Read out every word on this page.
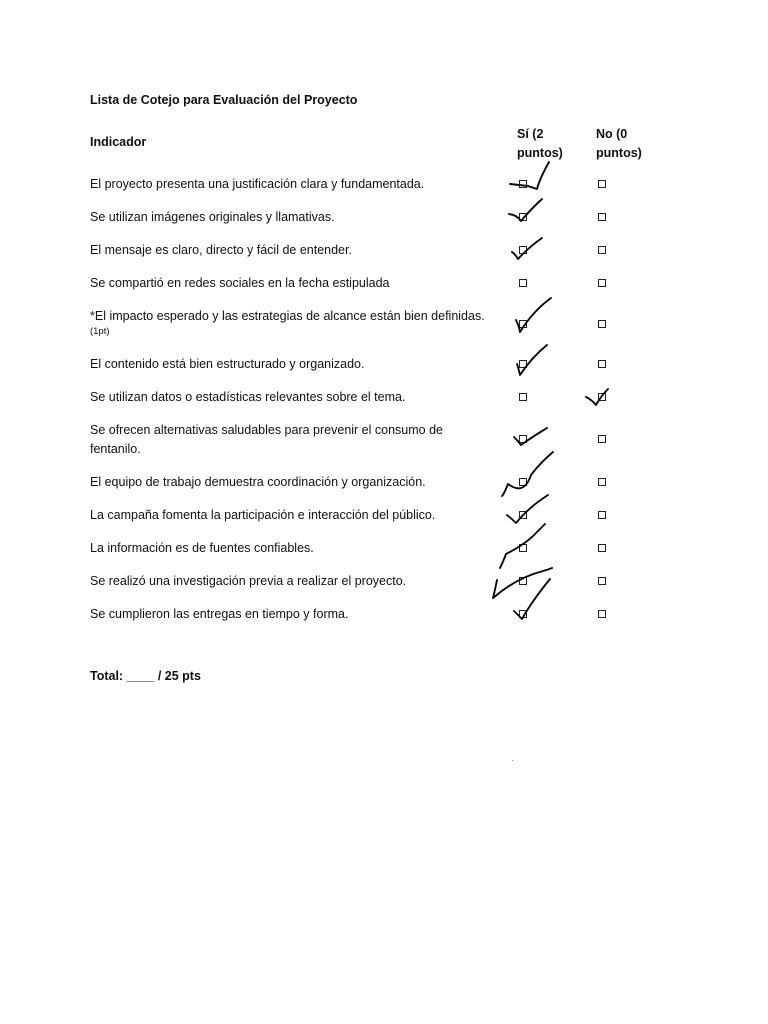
Lista de Cotejo para Evaluación del Proyecto
Indicador
Sí (2 puntos)
No (0 puntos)
El proyecto presenta una justificación clara y fundamentada.
Se utilizan imágenes originales y llamativas.
El mensaje es claro, directo y fácil de entender.
Se compartió en redes sociales en la fecha estipulada
*El impacto esperado y las estrategias de alcance están bien definidas.
(1pt)
El contenido está bien estructurado y organizado.
Se utilizan datos o estadísticas relevantes sobre el tema.
Se ofrecen alternativas saludables para prevenir el consumo de fentanilo.
El equipo de trabajo demuestra coordinación y organización.
La campaña fomenta la participación e interacción del público.
La información es de fuentes confiables.
Se realizó una investigación previa a realizar el proyecto.
Se cumplieron las entregas en tiempo y forma.
Total: ____ / 25 pts
